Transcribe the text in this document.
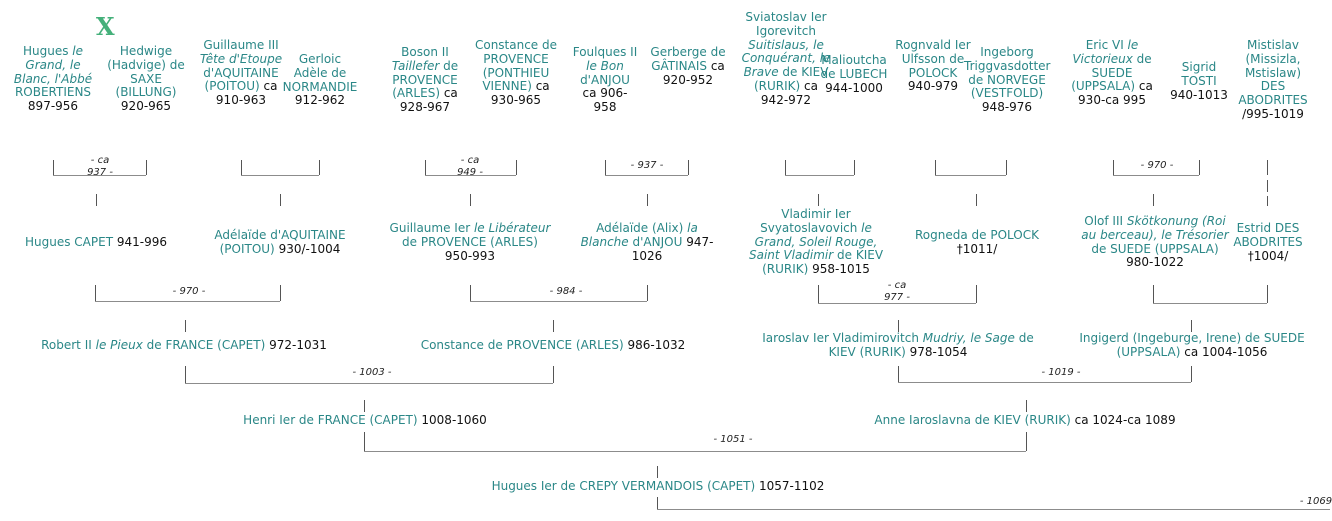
X
Hugues le Grand, le Blanc, l'Abbé ROBERTIENS 897-956
Hedwige (Hadvige) de SAXE (BILLUNG) 920-965
Guillaume III Tête d'Etoupe d'AQUITAINE (POITOU) ca 910-963
Gerloic Adèle de NORMANDIE 912-962
Boson II Taillefer de PROVENCE (ARLES) ca 928-967
Constance de PROVENCE (PONTHIEU VIENNE) ca 930-965
Foulques II le Bon d'ANJOU ca 906-958
Gerberge de GÂTINAIS ca 920-952
Sviatoslav Ier Igorevitch Suitislaus, le Conquérant, le Brave de KIEV (RURIK) ca 942-972
Malioutcha de LUBECH 944-1000
Rognvald Ier Ulfsson de POLOCK 940-979
Ingeborg Triggvasdotter de NORVEGE (VESTFOLD) 948-976
Eric VI le Victorieux de SUEDE (UPPSALA) ca 930-ca 995
Sigrid TOSTI 940-1013
Mistislav (Missizla, Mstislaw) DES ABODRITES /995-1019
Hugues CAPET 941-996	Adélaïde d'AQUITAINE (POITOU) 930/-1004
Guillaume Ier le Libérateur de PROVENCE (ARLES) 950-993
Adélaïde (Alix) la Blanche d'ANJOU 947-1026
Vladimir Ier Svyatoslavovich le Grand, Soleil Rouge, Saint Vladimir de KIEV (RURIK) 958-1015
Rogneda de POLOCK †1011/
Olof III Skötkonung (Roi au berceau), le Trésorier de SUEDE (UPPSALA) 980-1022
Estrid DES ABODRITES †1004/
Robert II le Pieux de FRANCE (CAPET) 972-1031	Constance de PROVENCE (ARLES) 986-1032	Iaroslav Ier Vladimirovitch Mudriy, le Sage de KIEV (RURIK) 978-1054
Ingigerd (Ingeburge, Irene) de SUEDE (UPPSALA) ca 1004-1056
Henri Ier de FRANCE (CAPET) 1008-1060	Anne Iaroslavna de KIEV (RURIK) ca 1024-ca 1089
Hugues Ier de CREPY VERMANDOIS (CAPET) 1057-1102
- ca 937 -
- ca 949 -
- 937 -	- 970 -
- 970 -	- 984 -
- ca 977 -
- 1003 -	- 1019 -
- 1051 -
- 1069
